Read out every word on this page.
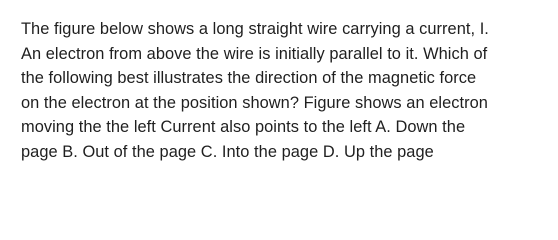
The figure below shows a long straight wire carrying a current, I.
An electron from above the wire is initially parallel to it. Which of
the following best illustrates the direction of the magnetic force
on the electron at the position shown? Figure shows an electron
moving the the left Current also points to the left A. Down the
page B. Out of the page C. Into the page D. Up the page
